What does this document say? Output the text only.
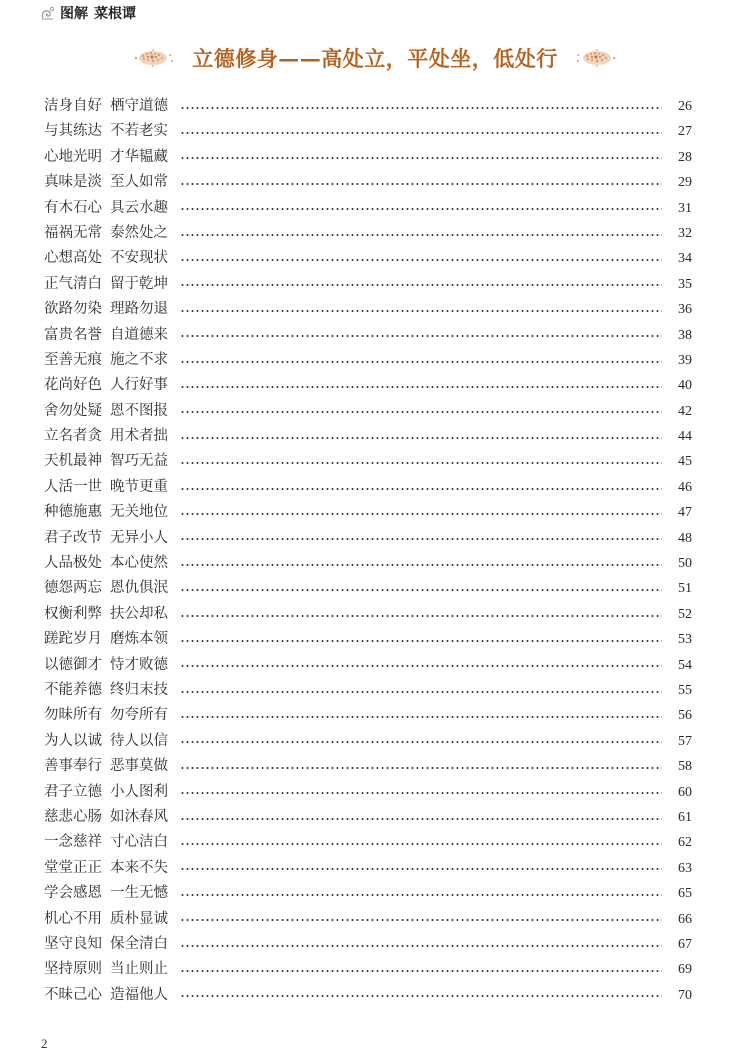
图解 菜根谭
立德修身——高处立，平处坐，低处行
洁身自好 栖守道德	26
与其练达 不若老实	27
心地光明 才华韫藏	28
真味是淡 至人如常	29
有木石心 具云水趣	31
福祸无常 泰然处之	32
心想高处 不安现状	34
正气清白 留于乾坤	35
欲路勿染 理路勿退	36
富贵名誉 自道德来	38
至善无痕 施之不求	39
花尚好色 人行好事	40
舍勿处疑 恩不图报	42
立名者贪 用术者拙	44
天机最神 智巧无益	45
人活一世 晚节更重	46
种德施惠 无关地位	47
君子改节 无异小人	48
人品极处 本心使然	50
德怨两忘 恩仇俱泯	51
权衡利弊 扶公却私	52
蹉跎岁月 磨炼本领	53
以德御才 恃才败德	54
不能养德 终归末技	55
勿昧所有 勿夸所有	56
为人以诚 待人以信	57
善事奉行 恶事莫做	58
君子立德 小人图利	60
慈悲心肠 如沐春风	61
一念慈祥 寸心洁白	62
堂堂正正 本来不失	63
学会感恩 一生无憾	65
机心不用 质朴显诚	66
坚守良知 保全清白	67
坚持原则 当止则止	69
不昧己心 造福他人	70
2
